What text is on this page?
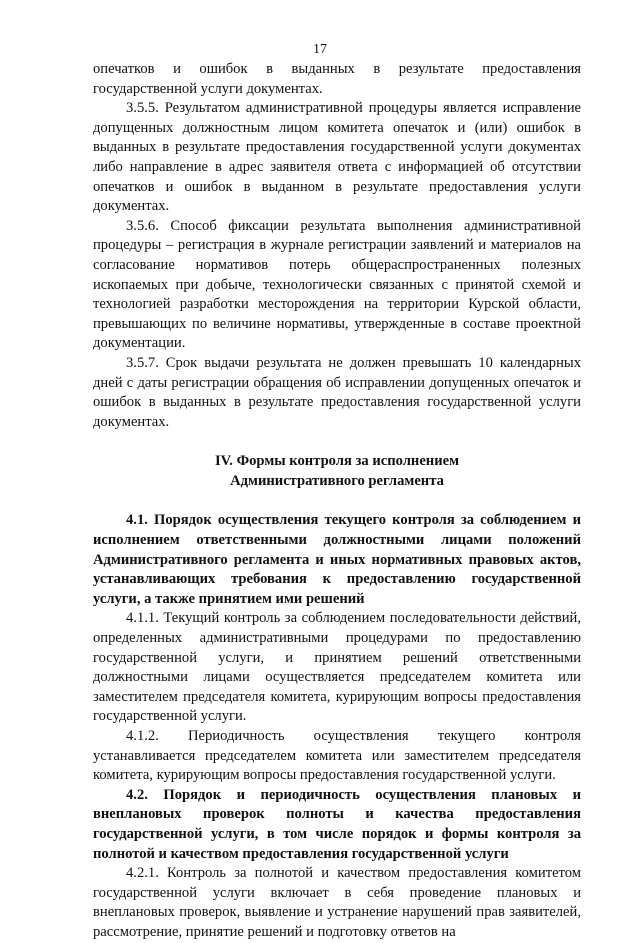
17

опечатков и ошибок в выданных в результате предоставления государственной услуги документах.

3.5.5. Результатом административной процедуры является исправление допущенных должностным лицом комитета опечаток и (или) ошибок в выданных в результате предоставления государственной услуги документах либо направление в адрес заявителя ответа с информацией об отсутствии опечатков и ошибок в выданном в результате предоставления услуги документах.

3.5.6. Способ фиксации результата выполнения административной процедуры – регистрация в журнале регистрации заявлений и материалов на согласование нормативов потерь общераспространенных полезных ископаемых при добыче, технологически связанных с принятой схемой и технологией разработки месторождения на территории Курской области, превышающих по величине нормативы, утвержденные в составе проектной документации.

3.5.7. Срок выдачи результата не должен превышать 10 календарных дней с даты регистрации обращения об исправлении допущенных опечаток и ошибок в выданных в результате предоставления государственной услуги документах.

IV. Формы контроля за исполнением

Административного регламента

4.1. Порядок осуществления текущего контроля за соблюдением и исполнением ответственными должностными лицами положений Административного регламента и иных нормативных правовых актов, устанавливающих требования к предоставлению государственной услуги, а также принятием ими решений

4.1.1. Текущий контроль за соблюдением последовательности действий, определенных административными процедурами по предоставлению государственной услуги, и принятием решений ответственными должностными лицами осуществляется председателем комитета или заместителем председателя комитета, курирующим вопросы предоставления государственной услуги.

4.1.2. Периодичность осуществления текущего контроля устанавливается председателем комитета или заместителем председателя комитета, курирующим вопросы предоставления государственной услуги.

4.2. Порядок и периодичность осуществления плановых и внеплановых проверок полноты и качества предоставления государственной услуги, в том числе порядок и формы контроля за полнотой и качеством предоставления государственной услуги

4.2.1. Контроль за полнотой и качеством предоставления комитетом государственной услуги включает в себя проведение плановых и внеплановых проверок, выявление и устранение нарушений прав заявителей, рассмотрение, принятие решений и подготовку ответов на
